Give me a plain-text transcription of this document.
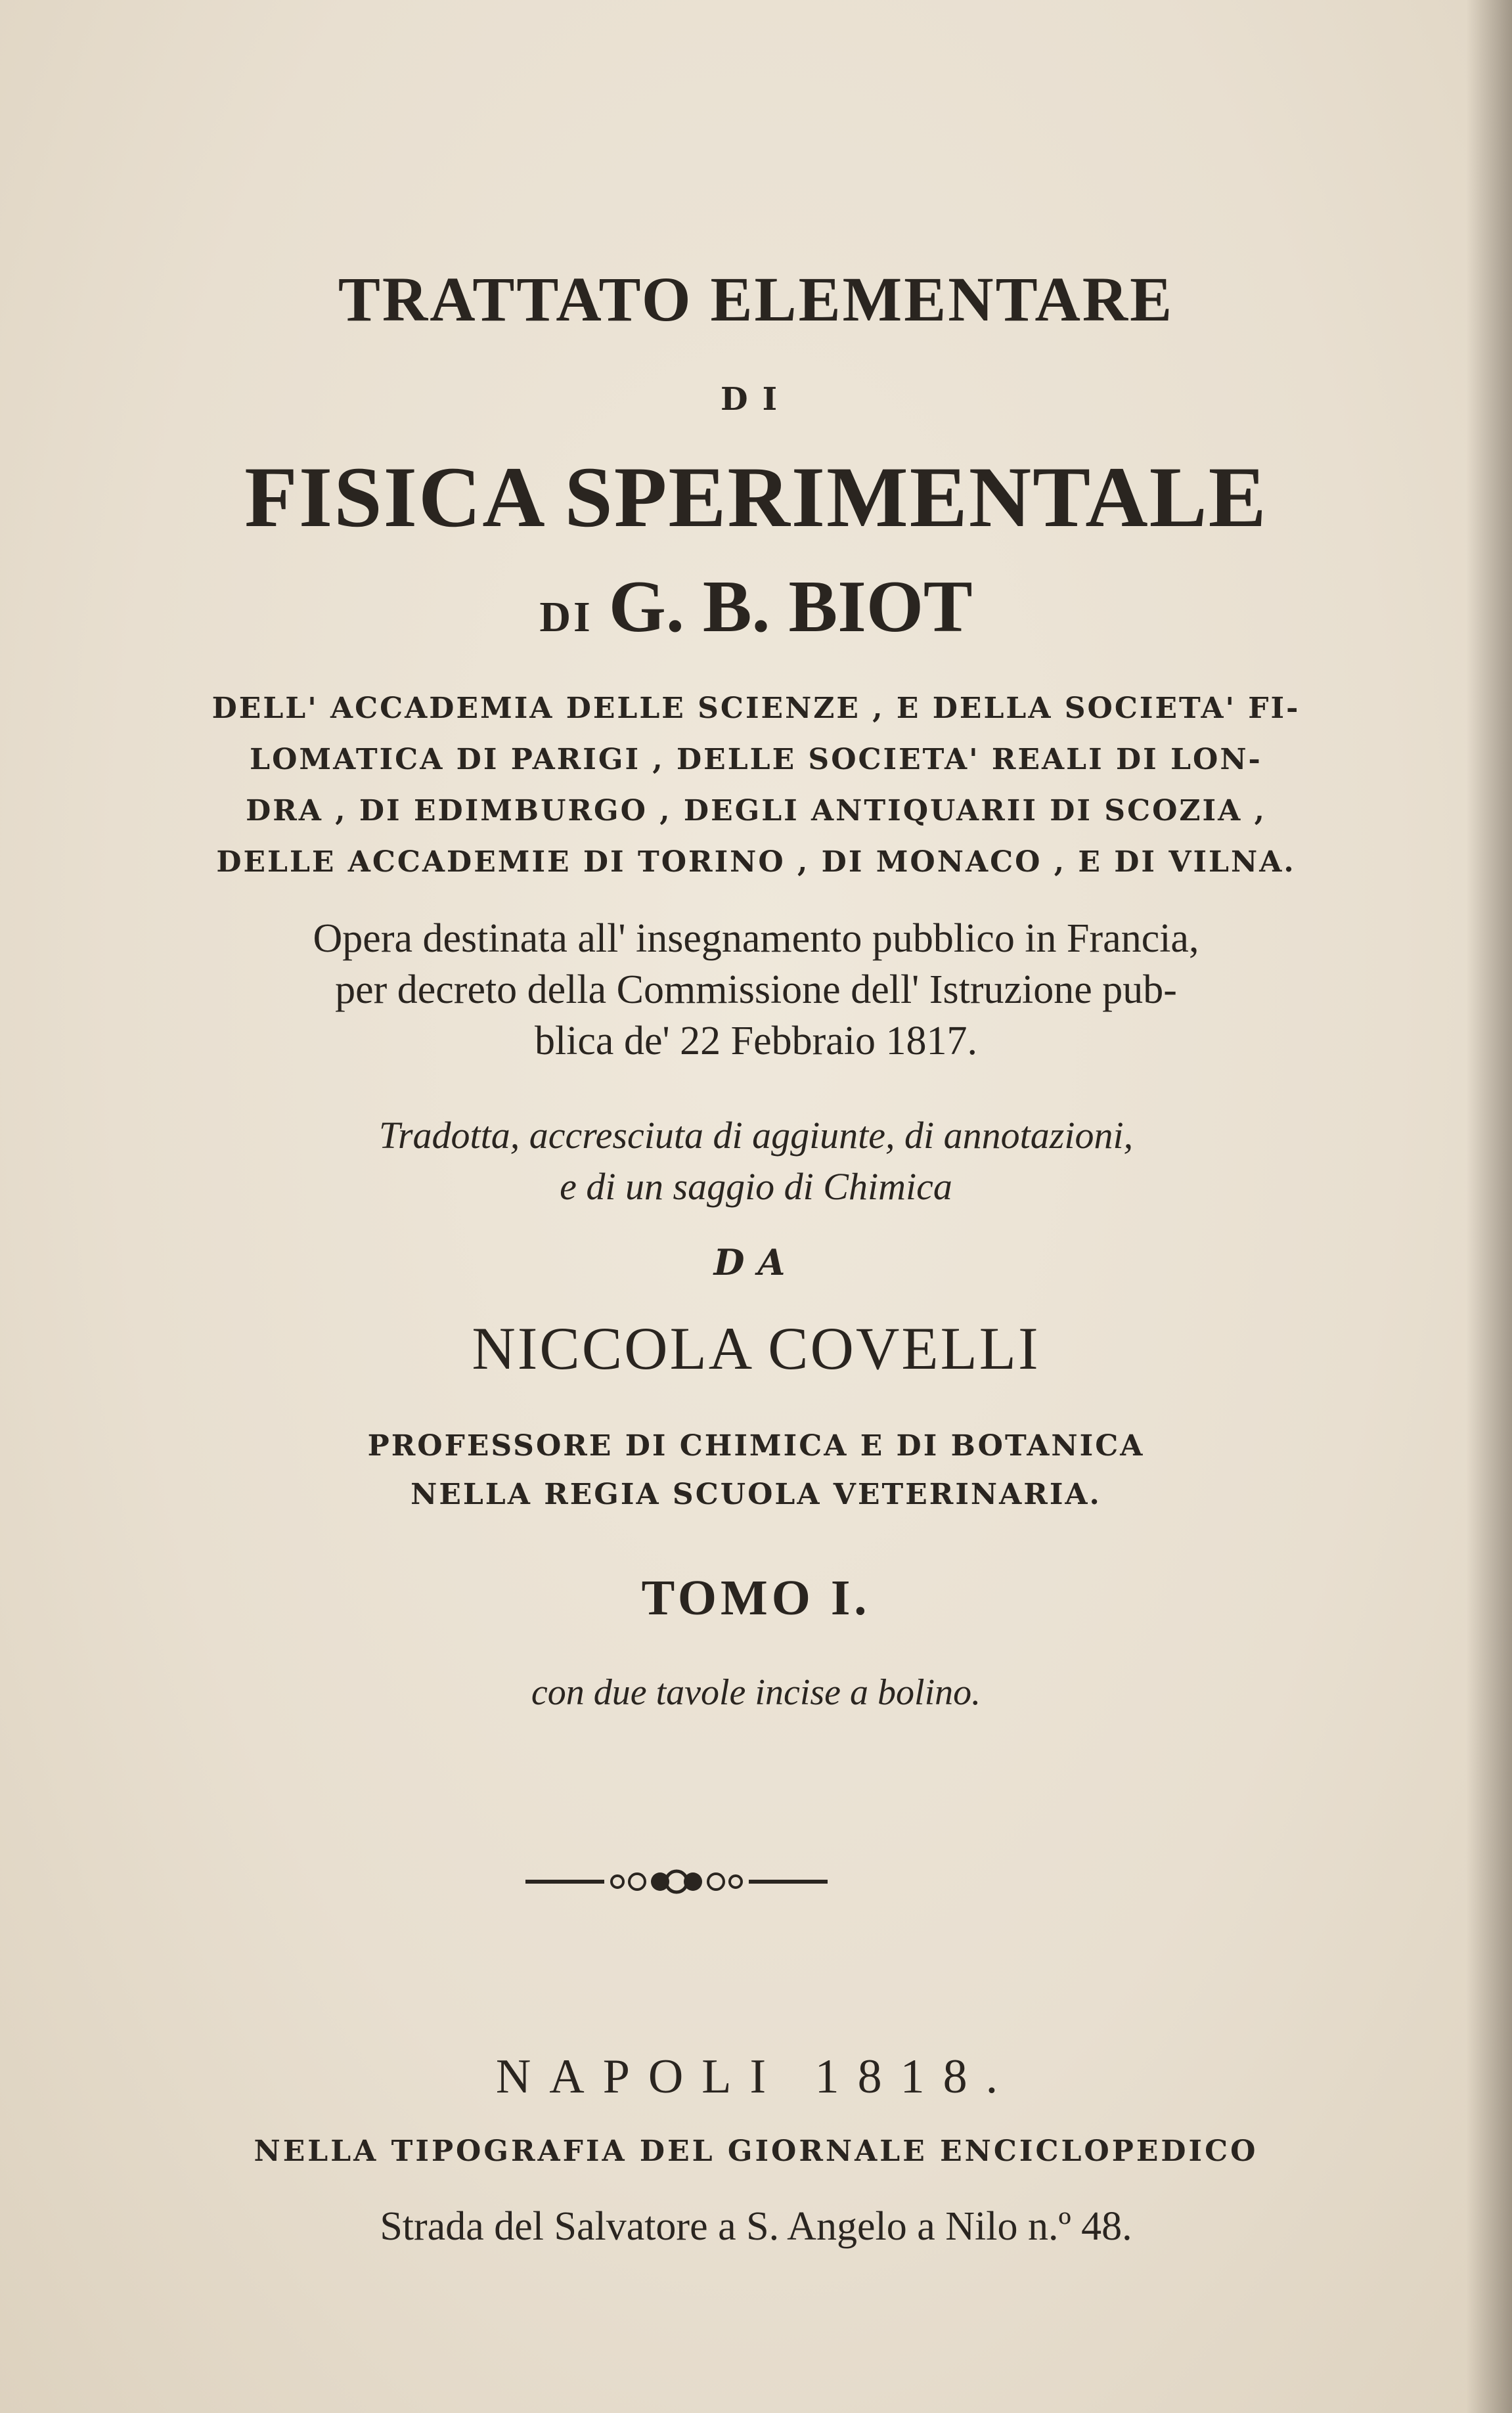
TRATTATO ELEMENTARE
DI
FISICA SPERIMENTALE
DI G. B. BIOT
DELL' ACCADEMIA DELLE SCIENZE , E DELLA SOCIETA' FI-
LOMATICA DI PARIGI , DELLE SOCIETA' REALI DI LON-
DRA , DI EDIMBURGO , DEGLI ANTIQUARII DI SCOZIA ,
DELLE ACCADEMIE DI TORINO , DI MONACO , E DI VILNA.
Opera destinata all' insegnamento pubblico in Francia,
per decreto della Commissione dell' Istruzione pub-
blica de' 22 Febbraio 1817.
Tradotta, accresciuta di aggiunte, di annotazioni,
e di un saggio di Chimica
DA
NICCOLA COVELLI
PROFESSORE DI CHIMICA E DI BOTANICA
NELLA REGIA SCUOLA VETERINARIA.
TOMO I.
con due tavole incise a bolino.
NAPOLI 1818.
NELLA TIPOGRAFIA DEL GIORNALE ENCICLOPEDICO
Strada del Salvatore a S. Angelo a Nilo n.º 48.
